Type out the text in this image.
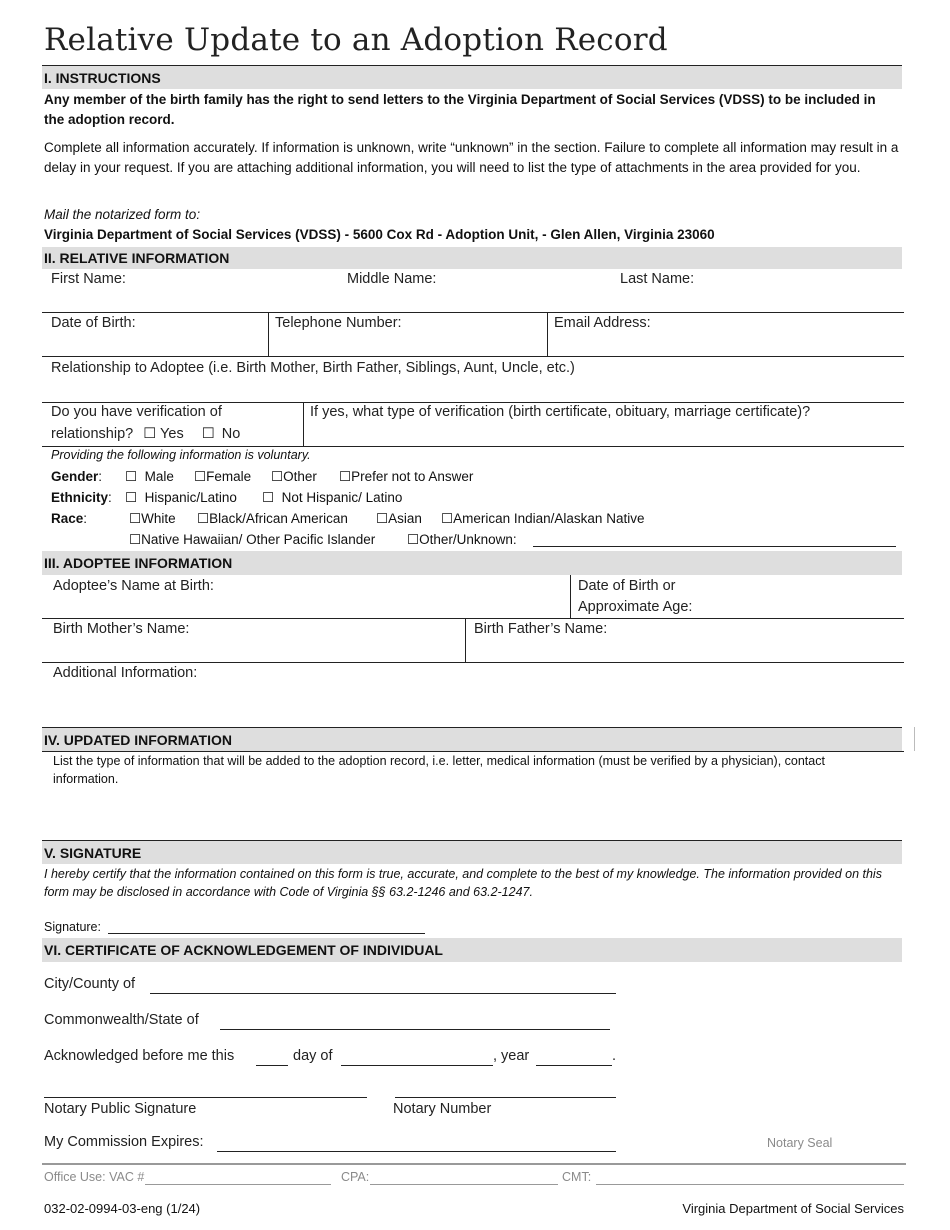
Relative Update to an Adoption Record
I. INSTRUCTIONS
Any member of the birth family has the right to send letters to the Virginia Department of Social Services (VDSS) to be included in the adoption record.
Complete all information accurately. If information is unknown, write “unknown” in the section. Failure to complete all information may result in a delay in your request. If you are attaching additional information, you will need to list the type of attachments in the area provided for you.
Mail the notarized form to:
Virginia Department of Social Services (VDSS) - 5600 Cox Rd - Adoption Unit, - Glen Allen, Virginia 23060
II. RELATIVE INFORMATION
First Name:	Middle Name:	Last Name:
Date of Birth:	Telephone Number:	Email Address:
Relationship to Adoptee (i.e. Birth Mother, Birth Father, Siblings, Aunt, Uncle, etc.)
Do you have verification of
relationship? ☐ Yes ☐ No
If yes, what type of verification (birth certificate, obituary, marriage certificate)?
Providing the following information is voluntary.
Gender: ☐ Male ☐Female ☐Other ☐Prefer not to Answer
Ethnicity: ☐ Hispanic/Latino ☐ Not Hispanic/ Latino
Race:	☐White ☐Black/African American ☐Asian ☐American Indian/Alaskan Native
☐Native Hawaiian/ Other Pacific Islander ☐Other/Unknown:
III. ADOPTEE INFORMATION
Adoptee’s Name at Birth:	Date of Birth or
Approximate Age:
Birth Mother’s Name:	Birth Father’s Name:
Additional Information:
IV. UPDATED INFORMATION
List the type of information that will be added to the adoption record, i.e. letter, medical information (must be verified by a physician), contact information.
V. SIGNATURE
I hereby certify that the information contained on this form is true, accurate, and complete to the best of my knowledge. The information provided on this form may be disclosed in accordance with Code of Virginia §§ 63.2-1246 and 63.2-1247.
Signature:
VI. CERTIFICATE OF ACKNOWLEDGEMENT OF INDIVIDUAL
City/County of
Commonwealth/State of
Acknowledged before me this	day of	, year	.
Notary Public Signature	Notary Number
My Commission Expires:	Notary Seal
Office Use: VAC #	CPA:	CMT:
032-02-0994-03-eng (1/24)	Virginia Department of Social Services
